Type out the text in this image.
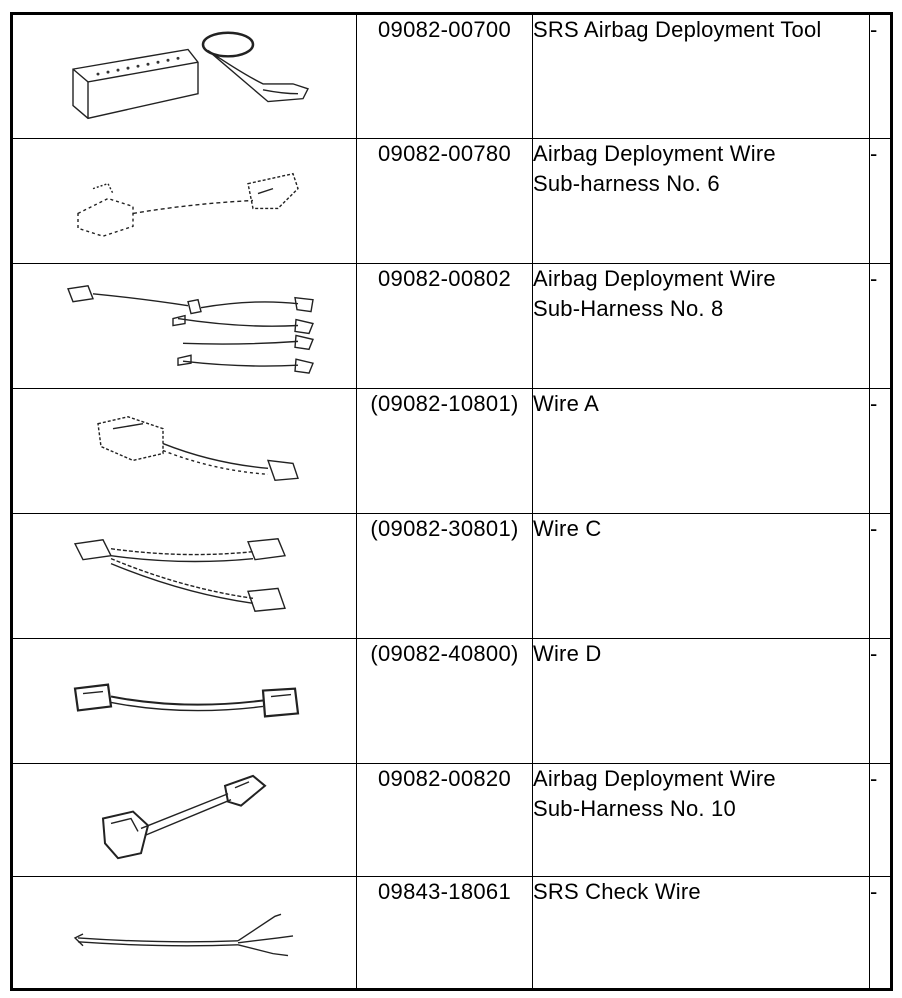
	09082-00700	SRS Airbag Deployment Tool	-

	09082-00780	Airbag Deployment Wire
Sub-harness No. 6	-

	09082-00802	Airbag Deployment Wire
Sub-Harness No. 8	-

	(09082-10801)	Wire A	-

	(09082-30801)	Wire C	-

	(09082-40800)	Wire D	-

	09082-00820	Airbag Deployment Wire
Sub-Harness No. 10	-

	09843-18061	SRS Check Wire	-
